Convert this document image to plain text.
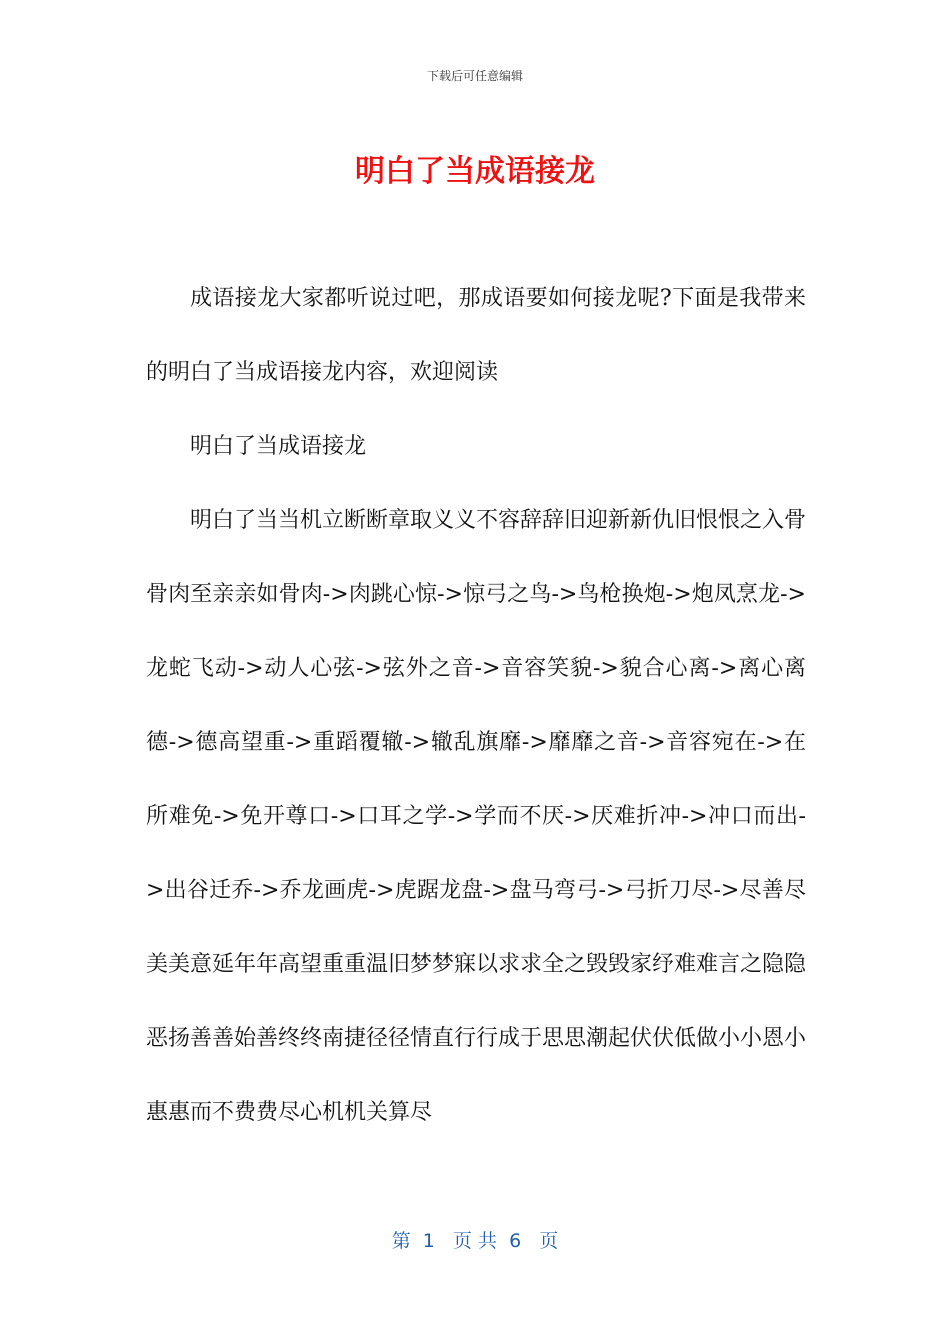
下载后可任意编辑
明白了当成语接龙

成语接龙大家都听说过吧，那成语要如何接龙呢?下面是我带来的明白了当成语接龙内容，欢迎阅读

明白了当成语接龙

明白了当当机立断断章取义义不容辞辞旧迎新新仇旧恨恨之入骨骨肉至亲亲如骨肉->肉跳心惊->惊弓之鸟->鸟枪换炮->炮凤烹龙->龙蛇飞动->动人心弦->弦外之音->音容笑貌->貌合心离->离心离德->德高望重->重蹈覆辙->辙乱旗靡->靡靡之音->音容宛在->在所难免->免开尊口->口耳之学->学而不厌->厌难折冲->冲口而出->出谷迁乔->乔龙画虎->虎踞龙盘->盘马弯弓->弓折刀尽->尽善尽美美意延年年高望重重温旧梦梦寐以求求全之毁毁家纾难难言之隐隐恶扬善善始善终终南捷径径情直行行成于思思潮起伏伏低做小小恩小惠惠而不费费尽心机机关算尽

第  1   页 共  6   页
